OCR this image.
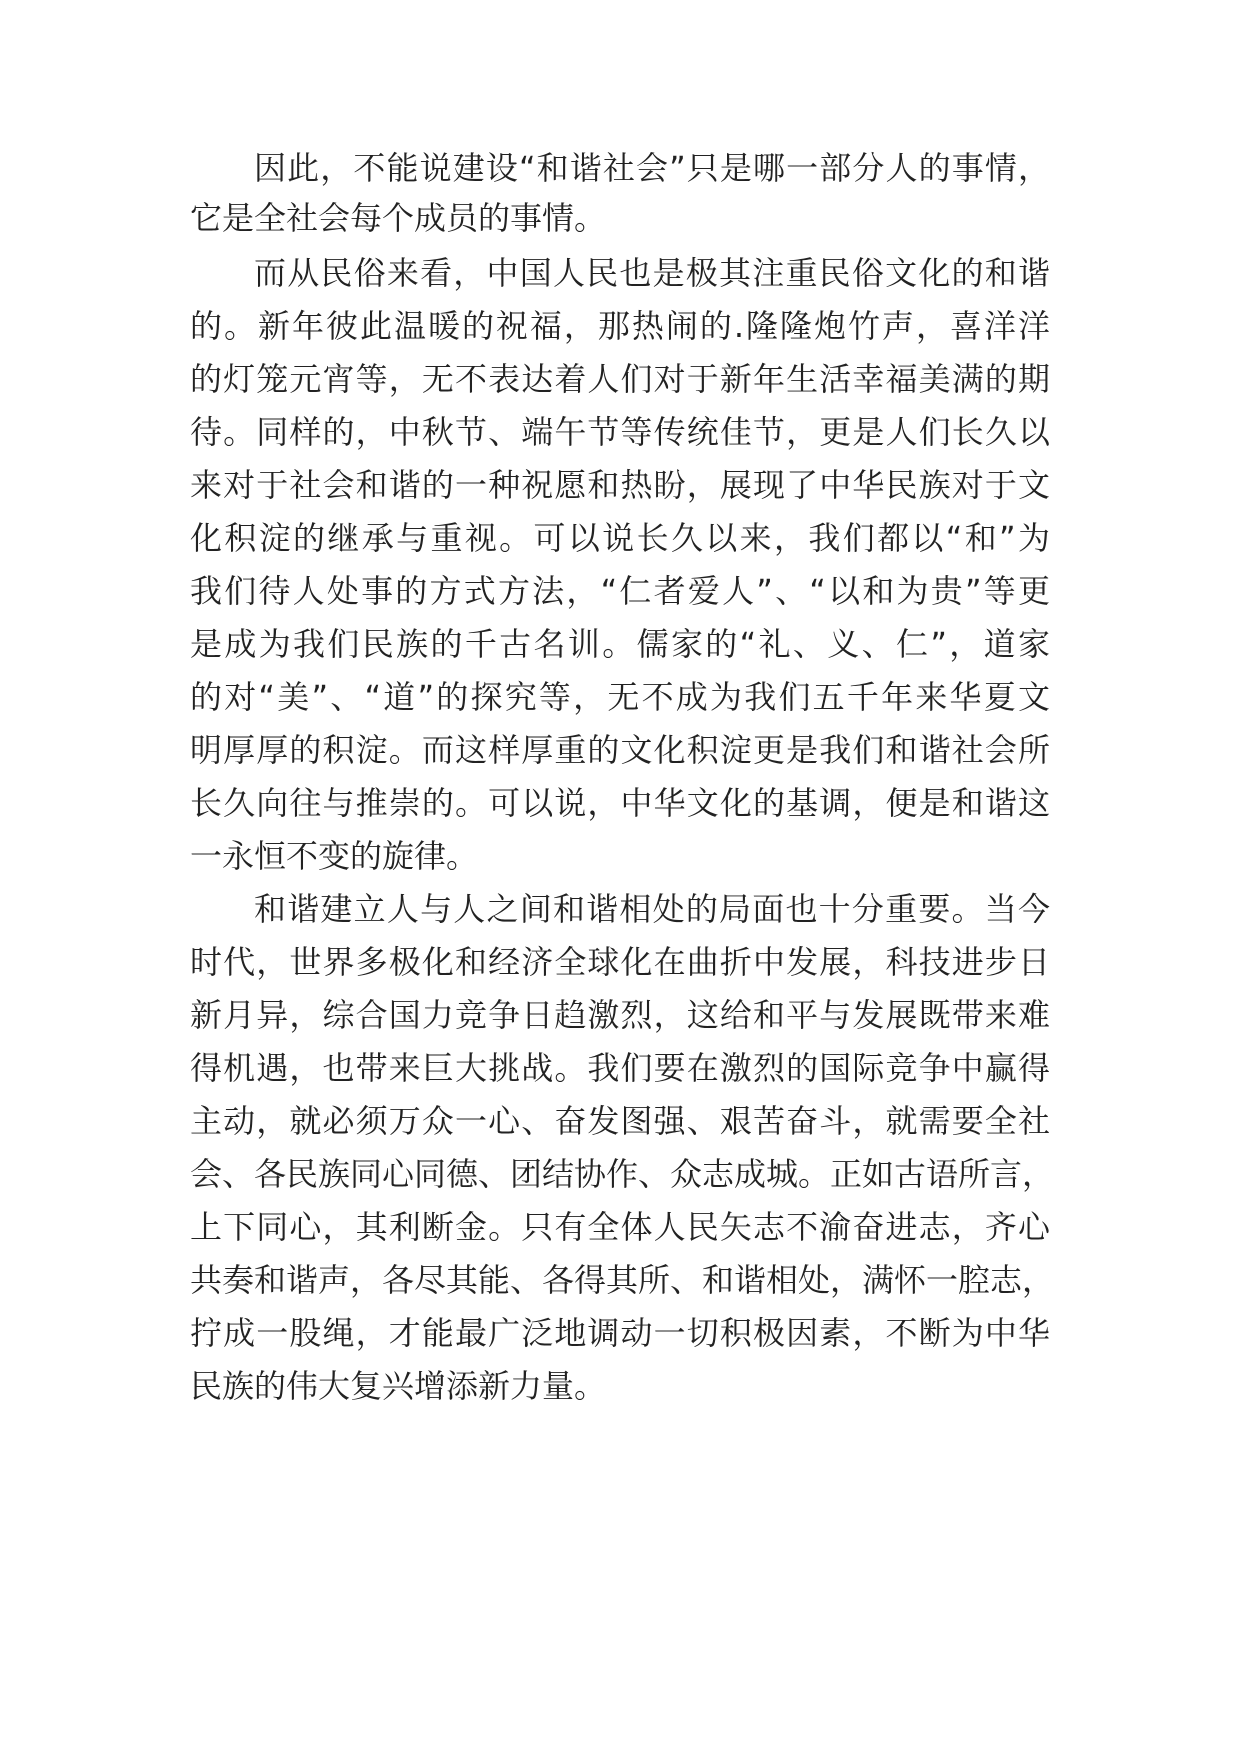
因此，不能说建设“和谐社会”只是哪一部分人的事情，
它是全社会每个成员的事情。
而从民俗来看，中国人民也是极其注重民俗文化的和谐
的。新年彼此温暖的祝福，那热闹的.隆隆炮竹声，喜洋洋
的灯笼元宵等，无不表达着人们对于新年生活幸福美满的期
待。同样的，中秋节、端午节等传统佳节，更是人们长久以
来对于社会和谐的一种祝愿和热盼，展现了中华民族对于文
化积淀的继承与重视。可以说长久以来，我们都以“和”为
我们待人处事的方式方法，“仁者爱人”、“以和为贵”等更
是成为我们民族的千古名训。儒家的“礼、义、仁”，道家
的对“美”、“道”的探究等，无不成为我们五千年来华夏文
明厚厚的积淀。而这样厚重的文化积淀更是我们和谐社会所
长久向往与推崇的。可以说，中华文化的基调，便是和谐这
一永恒不变的旋律。
和谐建立人与人之间和谐相处的局面也十分重要。当今
时代，世界多极化和经济全球化在曲折中发展，科技进步日
新月异，综合国力竞争日趋激烈，这给和平与发展既带来难
得机遇，也带来巨大挑战。我们要在激烈的国际竞争中赢得
主动，就必须万众一心、奋发图强、艰苦奋斗，就需要全社
会、各民族同心同德、团结协作、众志成城。正如古语所言，
上下同心，其利断金。只有全体人民矢志不渝奋进志，齐心
共奏和谐声，各尽其能、各得其所、和谐相处，满怀一腔志，
拧成一股绳，才能最广泛地调动一切积极因素，不断为中华
民族的伟大复兴增添新力量。
